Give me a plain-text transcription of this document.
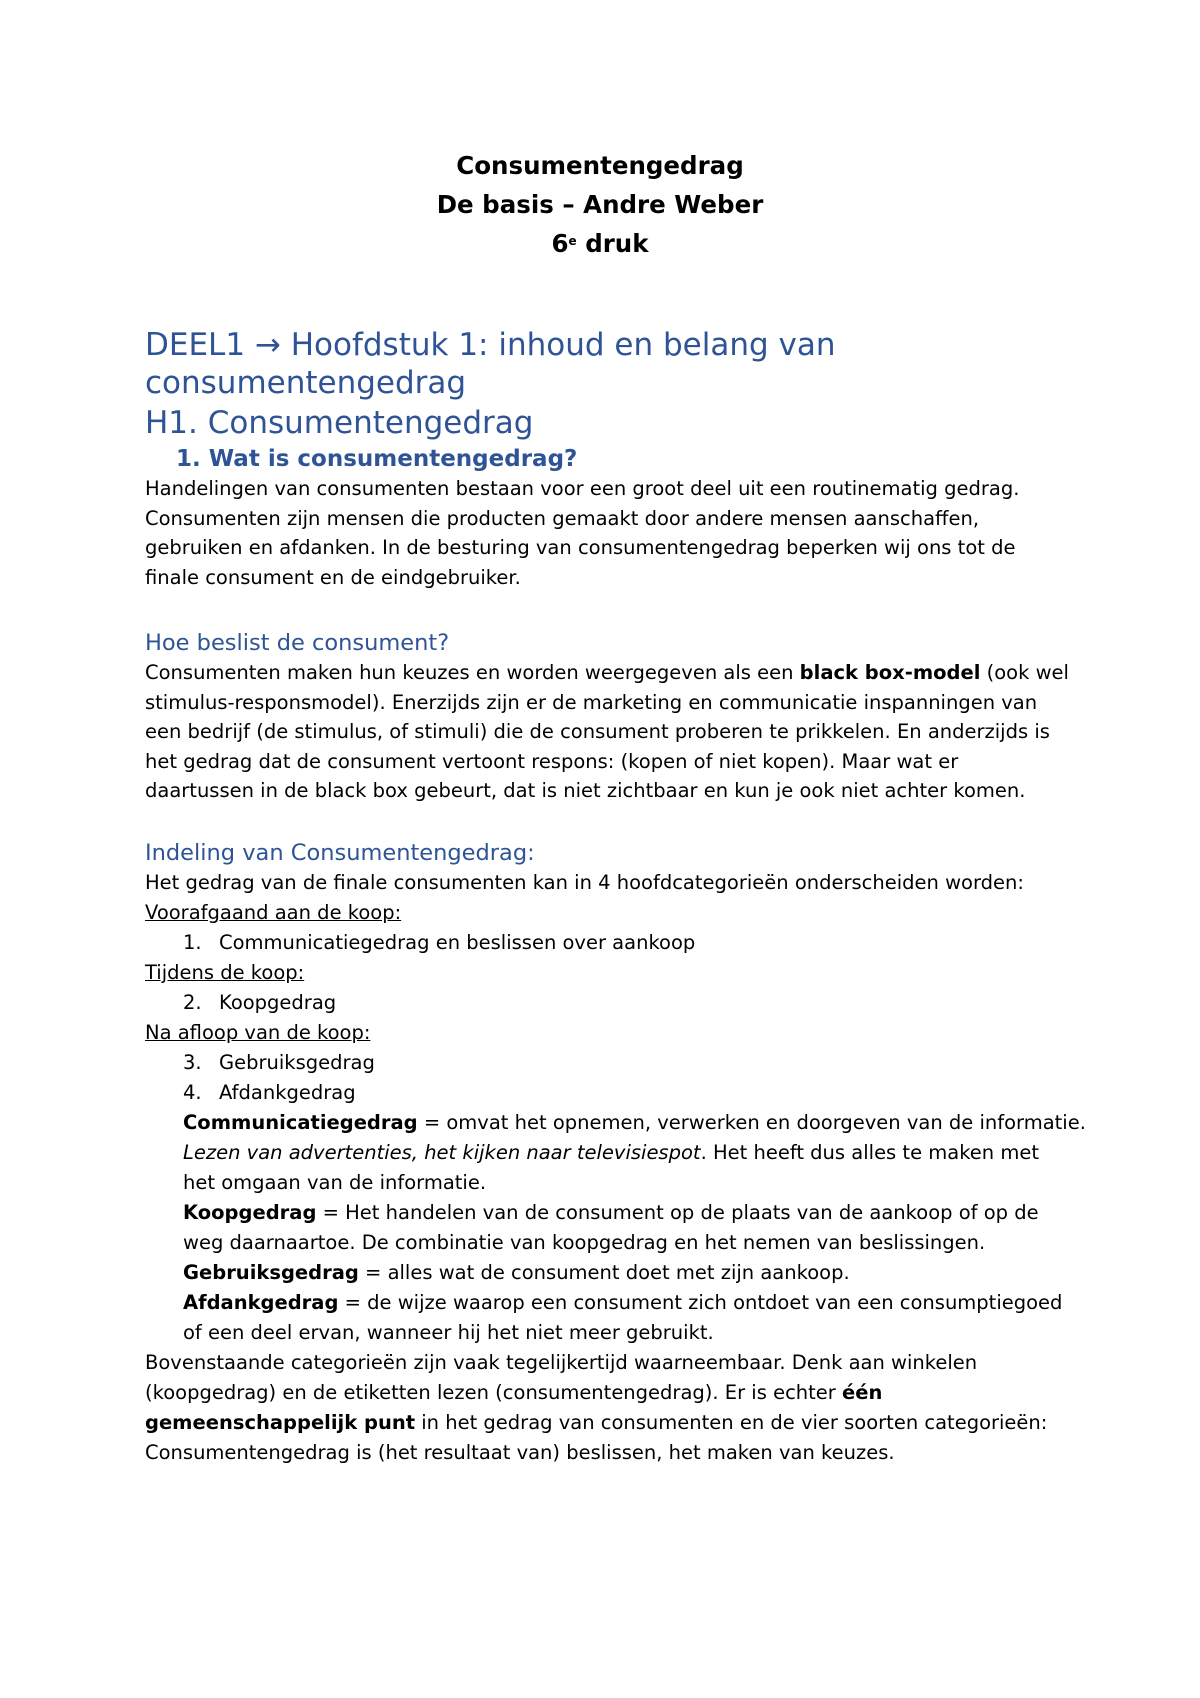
Consumentengedrag
De basis – Andre Weber
6e druk
DEEL1 → Hoofdstuk 1: inhoud en belang van
consumentengedrag
H1. Consumentengedrag
1. Wat is consumentengedrag?
Handelingen van consumenten bestaan voor een groot deel uit een routinematig gedrag.
Consumenten zijn mensen die producten gemaakt door andere mensen aanschaffen,
gebruiken en afdanken. In de besturing van consumentengedrag beperken wij ons tot de
finale consument en de eindgebruiker.
Hoe beslist de consument?
Consumenten maken hun keuzes en worden weergegeven als een black box-model (ook wel
stimulus-responsmodel). Enerzijds zijn er de marketing en communicatie inspanningen van
een bedrijf (de stimulus, of stimuli) die de consument proberen te prikkelen. En anderzijds is
het gedrag dat de consument vertoont respons: (kopen of niet kopen). Maar wat er
daartussen in de black box gebeurt, dat is niet zichtbaar en kun je ook niet achter komen.
Indeling van Consumentengedrag:
Het gedrag van de finale consumenten kan in 4 hoofdcategorieën onderscheiden worden:
Voorafgaand aan de koop:
1. Communicatiegedrag en beslissen over aankoop
Tijdens de koop:
2. Koopgedrag
Na afloop van de koop:
3. Gebruiksgedrag
4. Afdankgedrag
Communicatiegedrag = omvat het opnemen, verwerken en doorgeven van de informatie.
Lezen van advertenties, het kijken naar televisiespot. Het heeft dus alles te maken met
het omgaan van de informatie.
Koopgedrag = Het handelen van de consument op de plaats van de aankoop of op de
weg daarnaartoe. De combinatie van koopgedrag en het nemen van beslissingen.
Gebruiksgedrag = alles wat de consument doet met zijn aankoop.
Afdankgedrag = de wijze waarop een consument zich ontdoet van een consumptiegoed
of een deel ervan, wanneer hij het niet meer gebruikt.
Bovenstaande categorieën zijn vaak tegelijkertijd waarneembaar. Denk aan winkelen
(koopgedrag) en de etiketten lezen (consumentengedrag). Er is echter één
gemeenschappelijk punt in het gedrag van consumenten en de vier soorten categorieën:
Consumentengedrag is (het resultaat van) beslissen, het maken van keuzes.
